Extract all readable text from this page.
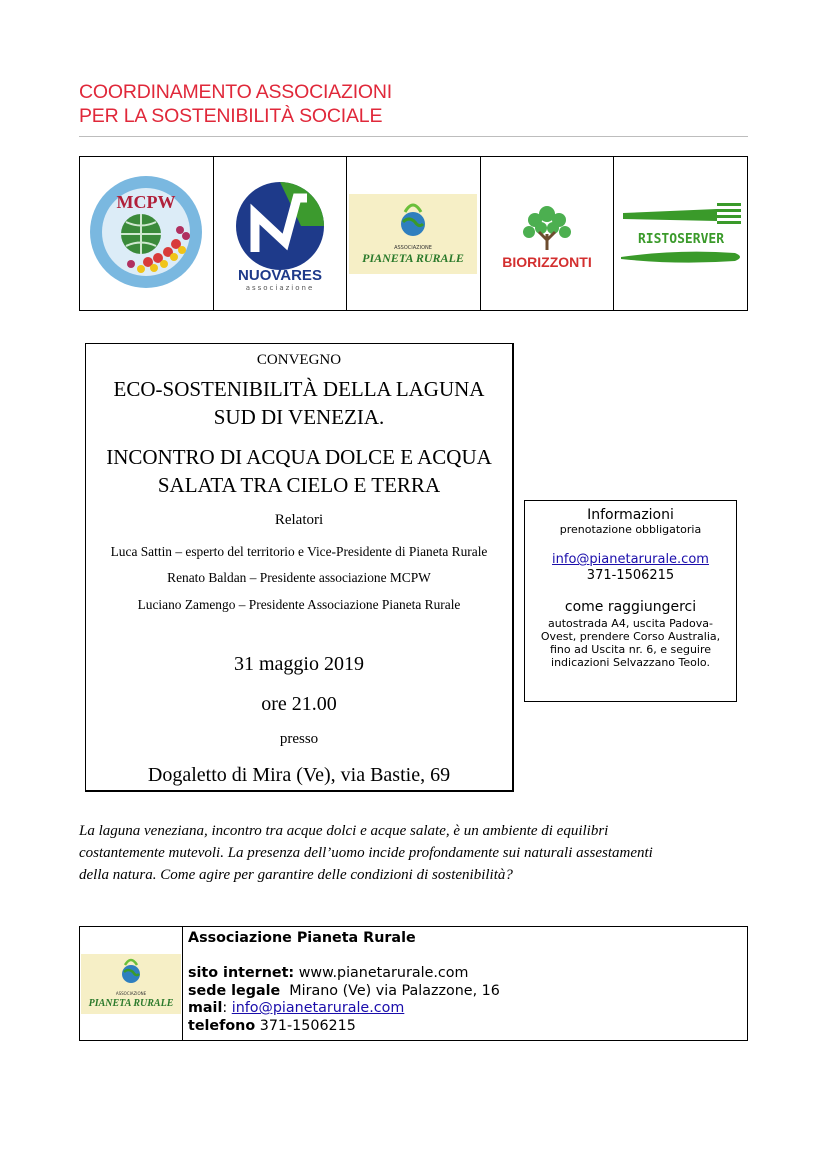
COORDINAMENTO ASSOCIAZIONI
PER LA SOSTENIBILITÀ SOCIALE
MCPW
NUOVARES
associazione
ASSOCIAZIONE
PIANETA RURALE	BIORIZZONTI
RISTOSERVER
CONVEGNO
ECO-SOSTENIBILITÀ DELLA LAGUNA
SUD DI VENEZIA.
INCONTRO DI ACQUA DOLCE E ACQUA
SALATA TRA CIELO E TERRA
Relatori
Luca Sattin – esperto del territorio e Vice-Presidente di Pianeta Rurale
Renato Baldan – Presidente associazione MCPW
Luciano Zamengo – Presidente Associazione Pianeta Rurale
31 maggio 2019
ore 21.00
presso
Dogaletto di Mira (Ve), via Bastie, 69
Informazioni
prenotazione obbligatoria
info@pianetarurale.com
371-1506215
come raggiungerci
autostrada A4, uscita Padova-
Ovest, prendere Corso Australia,
fino ad Uscita nr. 6, e seguire
indicazioni Selvazzano Teolo.
La laguna veneziana, incontro tra acque dolci e acque salate, è un ambiente di equilibri
costantemente mutevoli. La presenza dell’uomo incide profondamente sui naturali assestamenti
della natura. Come agire per garantire delle condizioni di sostenibilità?
ASSOCIAZIONE
PIANETA RURALE
Associazione Pianeta Rurale

sito internet: www.pianetarurale.com
sede legale Mirano (Ve) via Palazzone, 16
mail: info@pianetarurale.com
telefono 371-1506215
